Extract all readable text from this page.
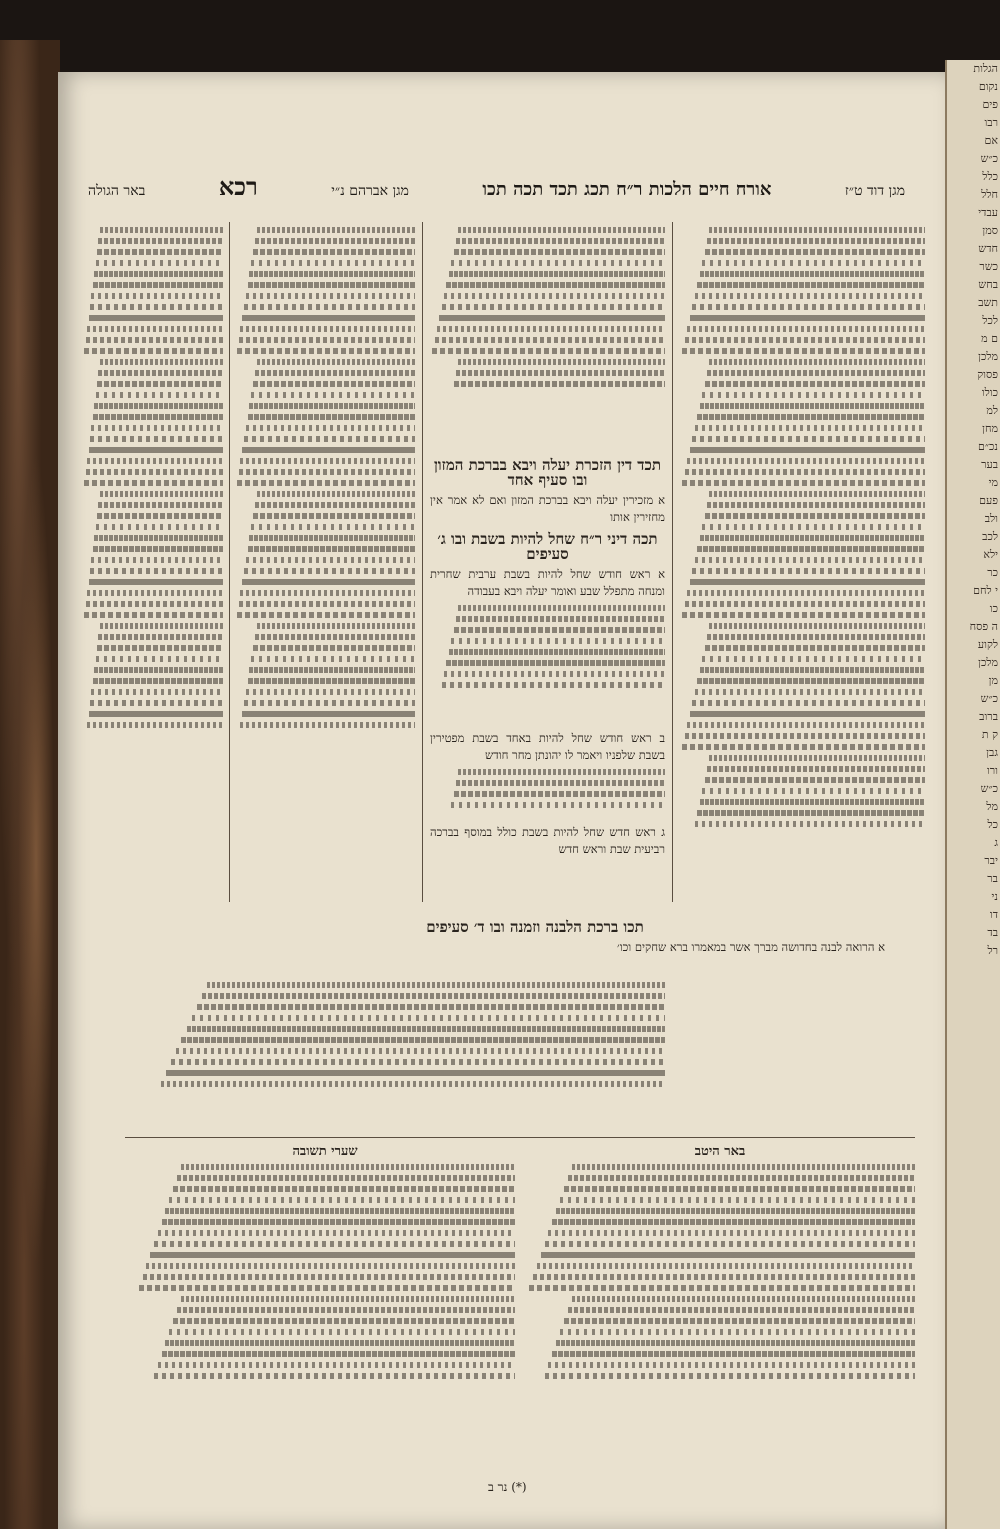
מגן דוד ט״ז
אורח חיים הלכות ר״ח תכג תכד תכה תכו
מגן אברהם נ״י
רכא
באר הגולה
תכד דין הזכרת יעלה ויבא בברכת המזון ובו סעיף אחד
א מזכירין יעלה ויבא בברכת המזון ואם לא אמר אין מחזירין אותו
תכה דיני ר״ח שחל להיות בשבת ובו ג׳ סעיפים
א ראש חודש שחל להיות בשבת ערבית שחרית ומנחה מתפלל שבע ואומר יעלה ויבא בעבודה
ב ראש חודש שחל להיות באחד בשבת מפטירין בשבת שלפניו ויאמר לו יהונתן מחר חודש
ג ראש חדש שחל להיות בשבת כולל במוסף בברכה רביעית שבת וראש חדש
תכו ברכת הלבנה וזמנה ובו ד׳ סעיפים
א הרואה לבנה בחדושה מברך אשר במאמרו ברא שחקים וכו׳
באר היטב
שערי תשובה
(*) נר ב
הגלות
נקום
פים
רבו
אם
כ״ש
כלל
חלל
עבדי
סמן
חדש
כשר
בחש
תשב
לכל
ם מ
מלכן
פסוק
כולו
למ
מחן
נכ״ם
בער
מי
פעם
ולב
לכב
ילא
כר
י לחם
כו
ה פסח
לקוע
מלכן
מן
כ״ש
ברוב
ק ת
גבן
ורו
כ״ש
מל
כל
ג
יבר
בר
ני
דו
בד
רל
